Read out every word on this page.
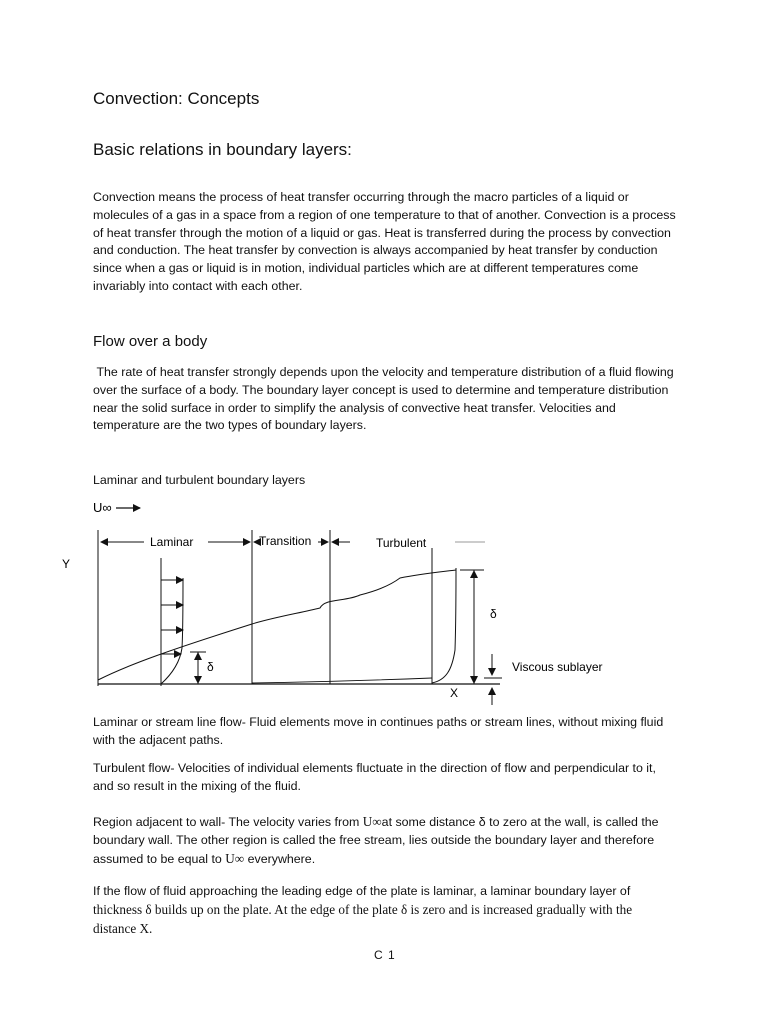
Convection: Concepts
Basic relations in boundary layers:

Convection means the process of heat transfer occurring through the macro particles of a liquid or molecules of a gas in a space from a region of one temperature to that of another. Convection is a process of heat transfer through the motion of a liquid or gas. Heat is transferred during the process by convection and conduction. The heat transfer by convection is always accompanied by heat transfer by conduction since when a gas or liquid is in motion, individual particles which are at different temperatures come invariably into contact with each other.

Flow over a body

The rate of heat transfer strongly depends upon the velocity and temperature distribution of a fluid flowing over the surface of a body. The boundary layer concept is used to determine and temperature distribution near the solid surface in order to simplify the analysis of convective heat transfer. Velocities and temperature are the two types of boundary layers.

Laminar and turbulent boundary layers
U∞
Y
Laminar	Transition	Turbulent
δ
δ
Viscous sublayer
X

Laminar or stream line flow- Fluid elements move in continues paths or stream lines, without mixing fluid with the adjacent paths.

Turbulent flow- Velocities of individual elements fluctuate in the direction of flow and perpendicular to it, and so result in the mixing of the fluid.

Region adjacent to wall- The velocity varies from U∞at some distance δ to zero at the wall, is called the boundary wall. The other region is called the free stream, lies outside the boundary layer and therefore assumed to be equal to U∞ everywhere.

If the flow of fluid approaching the leading edge of the plate is laminar, a laminar boundary layer of thickness δ builds up on the plate. At the edge of the plate δ is zero and is increased gradually with the distance X.

C 1
